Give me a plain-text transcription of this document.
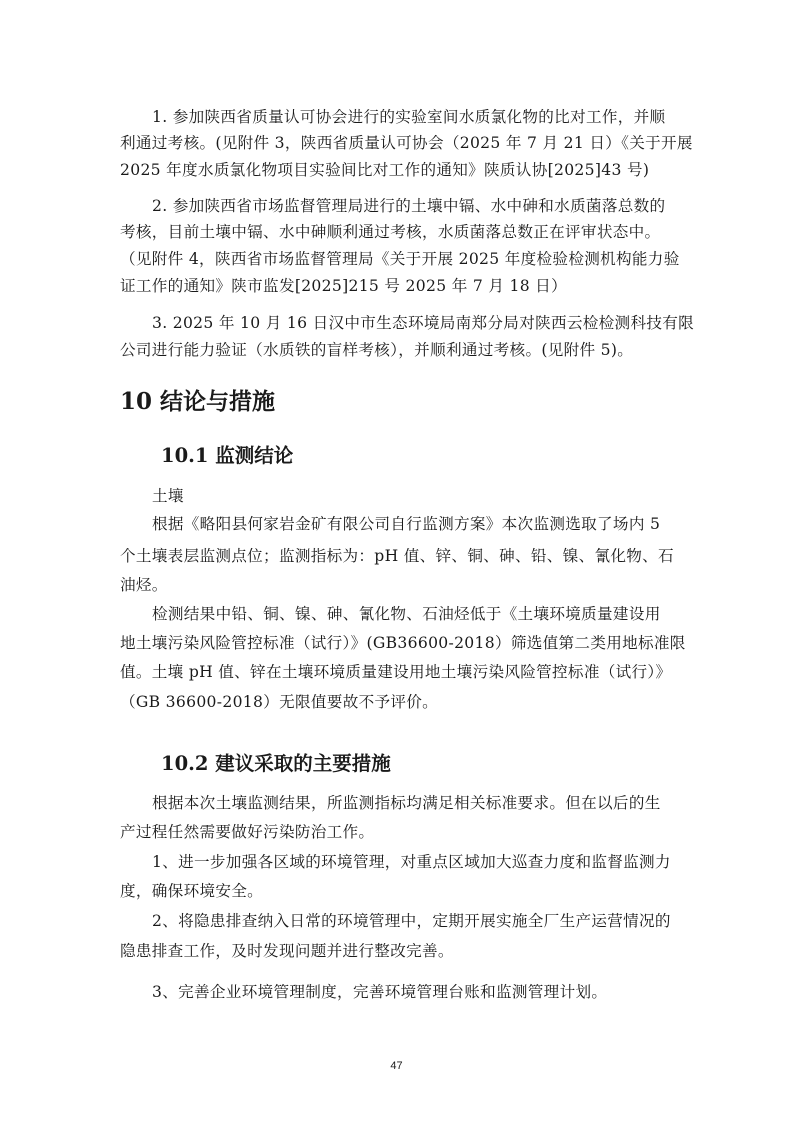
1. 参加陕西省质量认可协会进行的实验室间水质氯化物的比对工作，并顺
利通过考核。(见附件 3，陕西省质量认可协会（2025 年 7 月 21 日）《关于开展
2025 年度水质氯化物项目实验间比对工作的通知》陕质认协[2025]43 号)
2. 参加陕西省市场监督管理局进行的土壤中镉、水中砷和水质菌落总数的
考核，目前土壤中镉、水中砷顺利通过考核，水质菌落总数正在评审状态中。
（见附件 4，陕西省市场监督管理局《关于开展 2025 年度检验检测机构能力验
证工作的通知》陕市监发[2025]215 号 2025 年 7 月 18 日）
3. 2025 年 10 月 16 日汉中市生态环境局南郑分局对陕西云检检测科技有限
公司进行能力验证（水质铁的盲样考核），并顺利通过考核。(见附件 5)。
10 结论与措施
10.1 监测结论
土壤
根据《略阳县何家岩金矿有限公司自行监测方案》本次监测选取了场内 5
个土壤表层监测点位；监测指标为：pH 值、锌、铜、砷、铅、镍、氰化物、石
油烃。
检测结果中铅、铜、镍、砷、氰化物、石油烃低于《土壤环境质量建设用
地土壤污染风险管控标准（试行）》(GB36600-2018）筛选值第二类用地标准限
值。土壤 pH 值、锌在土壤环境质量建设用地土壤污染风险管控标准（试行）》
（GB 36600-2018）无限值要故不予评价。
10.2 建议采取的主要措施
根据本次土壤监测结果，所监测指标均满足相关标准要求。但在以后的生
产过程任然需要做好污染防治工作。
1、进一步加强各区域的环境管理，对重点区域加大巡查力度和监督监测力
度，确保环境安全。
2、将隐患排查纳入日常的环境管理中，定期开展实施全厂生产运营情况的
隐患排查工作，及时发现问题并进行整改完善。
3、完善企业环境管理制度，完善环境管理台账和监测管理计划。
47
